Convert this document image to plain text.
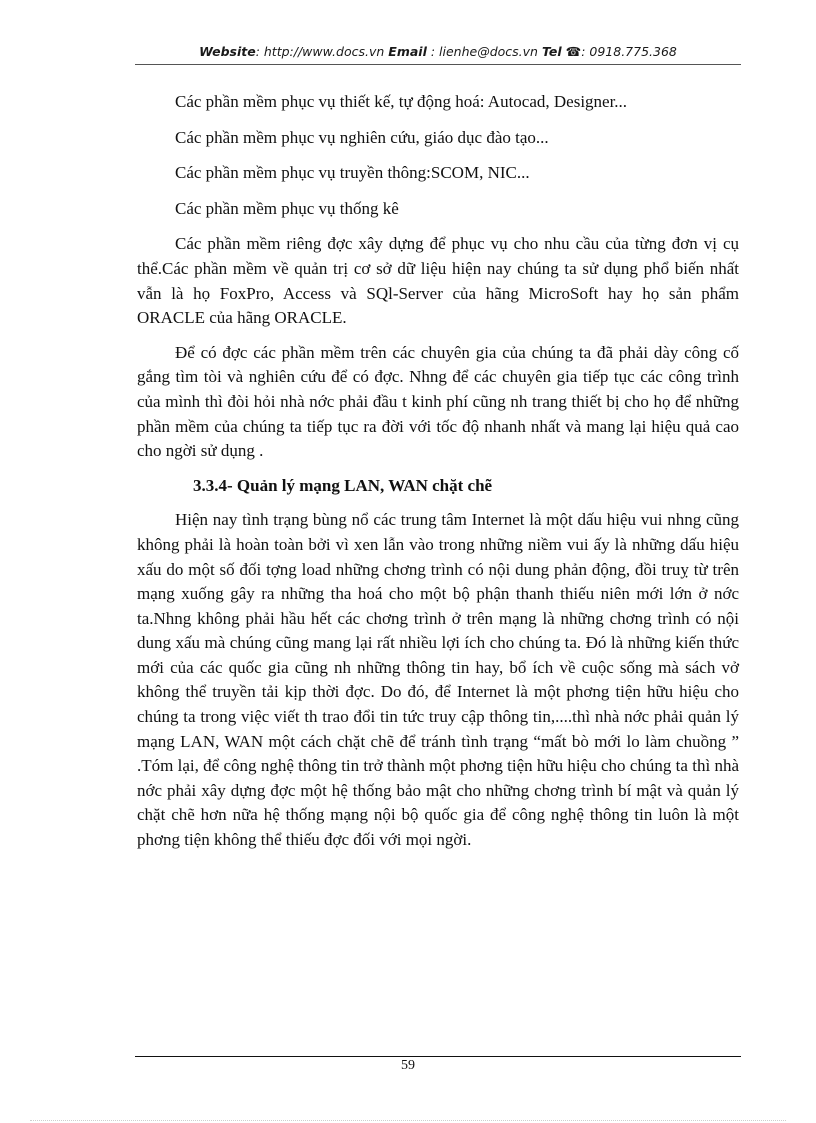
Website: http://www.docs.vn Email : lienhe@docs.vn Tel ☎: 0918.775.368

Các phần mềm phục vụ thiết kế, tự động hoá: Autocad, Designer...

Các phần mềm phục vụ nghiên cứu, giáo dục đào tạo...

Các phần mềm phục vụ truyền thông:SCOM, NIC...

Các phần mềm phục vụ thống kê

Các phần mềm riêng đợc xây dựng để phục vụ cho nhu cầu của từng đơn vị cụ thể.Các phần mềm về quản trị cơ sở dữ liệu hiện nay chúng ta sử dụng phổ biến nhất vẫn là họ FoxPro, Access và SQl-Server của hãng MicroSoft hay họ sản phẩm ORACLE của hãng ORACLE.

Để có đợc các phần mềm trên các chuyên gia của chúng ta đã phải dày công cố gắng tìm tòi và nghiên cứu để có đợc. Nhng để các chuyên gia tiếp tục các công trình của mình thì đòi hỏi nhà nớc phải đầu t kinh phí cũng nh trang thiết bị cho họ để những phần mềm của chúng ta tiếp tục ra đời với tốc độ nhanh nhất và mang lại hiệu quả cao cho ngời sử dụng .

3.3.4- Quản lý mạng LAN, WAN chặt chẽ

Hiện nay tình trạng bùng nổ các trung tâm Internet là một dấu hiệu vui nhng cũng không phải là hoàn toàn bởi vì xen lẫn vào trong những niềm vui ấy là những dấu hiệu xấu do một số đối tợng load những chơng trình có nội dung phản động, đồi truỵ từ trên mạng xuống gây ra những tha hoá cho một bộ phận thanh thiếu niên mới lớn ở nớc ta.Nhng không phải hầu hết các chơng trình ở trên mạng là những chơng trình có nội dung xấu mà chúng cũng mang lại rất nhiều lợi ích cho chúng ta. Đó là những kiến thức mới của các quốc gia cũng nh những thông tin hay, bổ ích về cuộc sống mà sách vở không thể truyền tải kịp thời đợc. Do đó, để Internet là một phơng tiện hữu hiệu cho chúng ta trong việc viết th trao đổi tin tức truy cập thông tin,....thì nhà nớc phải quản lý mạng LAN, WAN một cách chặt chẽ để tránh tình trạng “mất bò mới lo làm chuồng ” .Tóm lại, để công nghệ thông tin trở thành một phơng tiện hữu hiệu cho chúng ta thì nhà nớc phải xây dựng đợc một hệ thống bảo mật cho những chơng trình bí mật và quản lý chặt chẽ hơn nữa hệ thống mạng nội bộ quốc gia để công nghệ thông tin luôn là một phơng tiện không thể thiếu đợc đối với mọi ngời.

59
